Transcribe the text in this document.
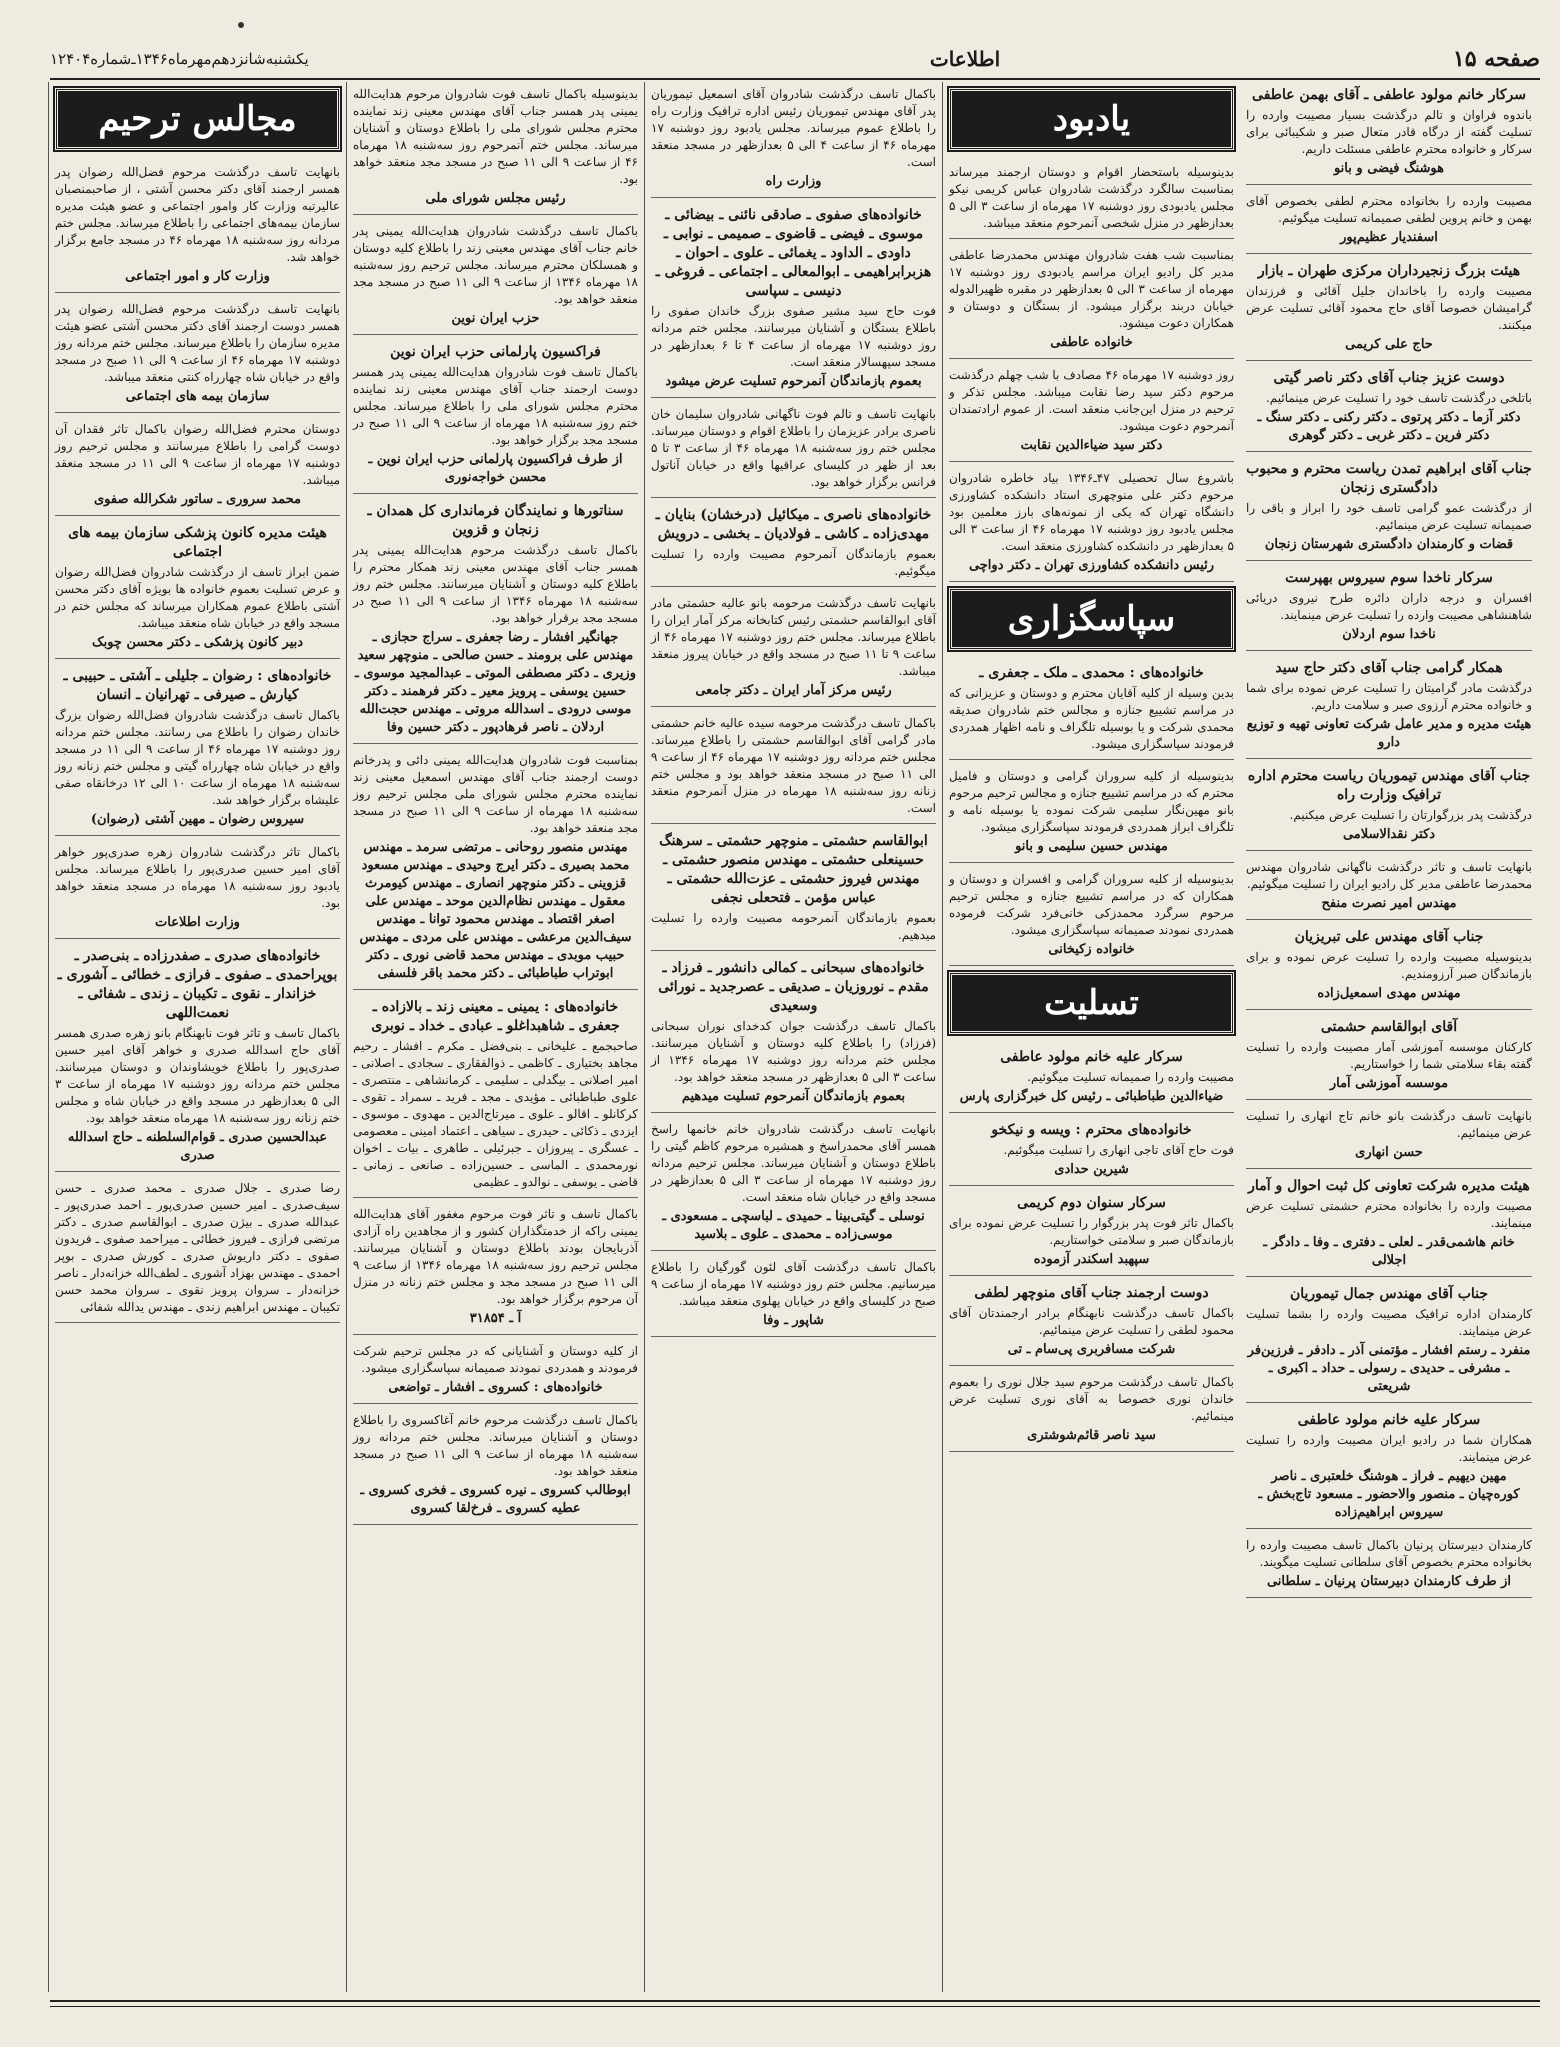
صفحه ۱۵
اطلاعات
یکشنبه‌شانزدهم‌مهرماه۱۳۴۶ـ‌شماره۱۲۴۰۴
مجالس ترحیم
بانهایت تاسف درگذشت مرحوم فضل‌الله رضوان پدر همسر ارجمند آقای دکتر محسن آشتی ، از صاحبمنصبان عالیرتبه وزارت کار وامور اجتماعی و عضو هیئت مدیره سازمان بیمه‌های اجتماعی را باطلاع میرساند. مجلس ختم مردانه روز سه‌شنبه ۱۸ مهرماه ۴۶ در مسجد جامع برگزار خواهد شد.
وزارت کار و امور اجتماعی
بانهایت تاسف درگذشت مرحوم فضل‌الله رضوان پدر همسر دوست ارجمند آقای دکتر محسن آشتی عضو هیئت مدیره سازمان را باطلاع میرساند. مجلس ختم مردانه روز دوشنبه ۱۷ مهرماه ۴۶ از ساعت ۹ الی ۱۱ صبح در مسجد واقع در خیابان شاه چهارراه کنتی منعقد میباشد.
سازمان بیمه های اجتماعی
دوستان محترم فضل‌الله رضوان باکمال تاثر فقدان آن دوست گرامی را باطلاع میرسانند و مجلس ترحیم روز دوشنبه ۱۷ مهرماه از ساعت ۹ الی ۱۱ در مسجد منعقد میباشد.
محمد سروری ـ ساتور شکرالله صفوی
هیئت مدیره کانون پزشکی سازمان بیمه های اجتماعی
ضمن ابراز تاسف از درگذشت شادروان فضل‌الله رضوان و عرض تسلیت بعموم خانواده ها بویژه آقای دکتر محسن آشتی باطلاع عموم همکاران میرساند که مجلس ختم در مسجد واقع در خیابان شاه منعقد میباشد.
دبیر کانون پزشکی ـ دکتر محسن چوبک
خانواده‌های : رضوان ـ جلیلی ـ آشتی ـ حبیبی ـ کیارش ـ صیرفی ـ تهرانیان ـ انسان
باکمال تاسف درگذشت شادروان فضل‌الله رضوان بزرگ خاندان رضوان را باطلاع می رسانند. مجلس ختم مردانه روز دوشنبه ۱۷ مهرماه ۴۶ از ساعت ۹ الی ۱۱ در مسجد واقع در خیابان شاه چهارراه گیتی و مجلس ختم زنانه روز سه‌شنبه ۱۸ مهرماه از ساعت ۱۰ الی ۱۲ درخانقاه صفی علیشاه برگزار خواهد شد.
سیروس رضوان ـ مهین آشتی (رضوان)
باکمال تاثر درگذشت شادروان زهره صدری‌پور خواهر آقای امیر حسین صدری‌پور را باطلاع میرساند. مجلس یادبود روز سه‌شنبه ۱۸ مهرماه در مسجد منعقد خواهد بود.
وزارت اطلاعات
خانواده‌های صدری ـ صفدرزاده ـ بنی‌صدر ـ بوپراحمدی ـ صفوی ـ فرازی ـ خطائی ـ آشوری ـ خزاندار ـ نقوی ـ تکیبان ـ زندی ـ شفائی ـ نعمت‌اللهی
باکمال تاسف و تاثر فوت نابهنگام بانو زهره صدری همسر آقای حاج اسدالله صدری و خواهر آقای امیر حسین صدری‌پور را باطلاع خویشاوندان و دوستان میرسانند. مجلس ختم مردانه روز دوشنبه ۱۷ مهرماه از ساعت ۳ الی ۵ بعدازظهر در مسجد واقع در خیابان شاه و مجلس ختم زنانه روز سه‌شنبه ۱۸ مهرماه منعقد خواهد بود.
عبدالحسین صدری ـ قوام‌السلطنه ـ حاج اسدالله صدری
رضا صدری ـ جلال صدری ـ محمد صدری ـ حسن سیف‌صدری ـ امیر حسین صدری‌پور ـ احمد صدری‌پور ـ عبدالله صدری ـ بیژن صدری ـ ابوالقاسم صدری ـ دکتر مرتضی فرازی ـ فیروز خطائی ـ میراحمد صفوی ـ فریدون صفوی ـ دکتر داریوش صدری ـ کورش صدری ـ بوپر احمدی ـ مهندس بهزاد آشوری ـ لطف‌الله خزانه‌دار ـ ناصر خزانه‌دار ـ سروان پرویز نقوی ـ سروان محمد حسن تکیبان ـ مهندس ابراهیم زندی ـ مهندس یدالله شفائی
بدینوسیله باکمال تاسف فوت شادروان مرحوم هدایت‌الله یمینی پدر همسر جناب آقای مهندس معینی زند نماینده محترم مجلس شورای ملی را باطلاع دوستان و آشنایان میرساند. مجلس ختم آنمرحوم روز سه‌شنبه ۱۸ مهرماه ۴۶ از ساعت ۹ الی ۱۱ صبح در مسجد مجد منعقد خواهد بود.
رئیس مجلس شورای ملی
باکمال تاسف درگذشت شادروان هدایت‌الله یمینی پدر خانم جناب آقای مهندس معینی زند را باطلاع کلیه دوستان و همسلکان محترم میرساند. مجلس ترحیم روز سه‌شنبه ۱۸ مهرماه ۱۳۴۶ از ساعت ۹ الی ۱۱ صبح در مسجد مجد منعقد خواهد بود.
حزب ایران نوین
فراکسیون پارلمانی حزب ایران نوین
باکمال تاسف فوت شادروان هدایت‌الله یمینی پدر همسر دوست ارجمند جناب آقای مهندس معینی زند نماینده محترم مجلس شورای ملی را باطلاع میرساند. مجلس ختم روز سه‌شنبه ۱۸ مهرماه از ساعت ۹ الی ۱۱ صبح در مسجد مجد برگزار خواهد بود.
از طرف فراکسیون پارلمانی حزب ایران نوین ـ محسن خواجه‌نوری
سناتورها و نمایندگان فرمانداری کل همدان ـ زنجان و قزوین
باکمال تاسف درگذشت مرحوم هدایت‌الله یمینی پدر همسر جناب آقای مهندس معینی زند همکار محترم را باطلاع کلیه دوستان و آشنایان میرسانند. مجلس ختم روز سه‌شنبه ۱۸ مهرماه ۱۳۴۶ از ساعت ۹ الی ۱۱ صبح در مسجد مجد برقرار خواهد بود.
جهانگیر افشار ـ رضا جعفری ـ سراج حجازی ـ مهندس علی برومند ـ حسن صالحی ـ منوچهر سعید وزیری ـ دکتر مصطفی الموتی ـ عبدالمجید موسوی ـ حسین یوسفی ـ پرویز معیر ـ دکتر فرهمند ـ دکتر موسی درودی ـ اسدالله مروتی ـ مهندس حجت‌الله اردلان ـ ناصر فرهادپور ـ دکتر حسین وفا
بمناسبت فوت شادروان هدایت‌الله یمینی دائی و پدرخانم دوست ارجمند جناب آقای مهندس اسمعیل معینی زند نماینده محترم مجلس شورای ملی مجلس ترحیم روز سه‌شنبه ۱۸ مهرماه از ساعت ۹ الی ۱۱ صبح در مسجد مجد منعقد خواهد بود.
مهندس منصور روحانی ـ مرتضی سرمد ـ مهندس محمد بصیری ـ دکتر ایرج وحیدی ـ مهندس مسعود قزوینی ـ دکتر منوچهر انصاری ـ مهندس کیومرث معقول ـ مهندس نظام‌الدین موحد ـ مهندس علی اصغر اقتصاد ـ مهندس محمود توانا ـ مهندس سیف‌الدین مرعشی ـ مهندس علی مردی ـ مهندس حبیب موبدی ـ مهندس محمد قاضی نوری ـ دکتر ابوتراب طباطبائی ـ دکتر محمد باقر فلسفی
خانواده‌های : یمینی ـ معینی زند ـ بالازاده ـ جعفری ـ شاهبداغلو ـ عبادی ـ خداد ـ نوبری
صاحبجمع ـ علیخانی ـ بنی‌فضل ـ مکرم ـ افشار ـ رحیم مجاهد بختیاری ـ کاظمی ـ ذوالفقاری ـ سجادی ـ اصلانی ـ امیر اصلانی ـ بیگدلی ـ سلیمی ـ کرمانشاهی ـ منتصری ـ علوی طباطبائی ـ مؤیدی ـ مجد ـ فرید ـ سمراد ـ تقوی ـ کرکانلو ـ اقالو ـ علوی ـ میرتاج‌الدین ـ مهدوی ـ موسوی ـ ایزدی ـ ذکائی ـ حیدری ـ سیاهی ـ اعتماد امینی ـ معصومی ـ عسگری ـ پیروزان ـ جبرئیلی ـ طاهری ـ بیات ـ اخوان نورمحمدی ـ الماسی ـ حسین‌زاده ـ صانعی ـ زمانی ـ قاضی ـ یوسفی ـ نوالدو ـ عظیمی
باکمال تاسف و تاثر فوت مرحوم مغفور آقای هدایت‌الله یمینی راکه از خدمتگذاران کشور و از مجاهدین راه آزادی آذربایجان بودند باطلاع دوستان و آشنایان میرسانند. مجلس ترحیم روز سه‌شنبه ۱۸ مهرماه ۱۳۴۶ از ساعت ۹ الی ۱۱ صبح در مسجد مجد و مجلس ختم زنانه در منزل آن مرحوم برگزار خواهد بود.
آ ـ ۳۱۸۵۴
از کلیه دوستان و آشنایانی که در مجلس ترحیم شرکت فرمودند و همدردی نمودند صمیمانه سپاسگزاری میشود.
خانواده‌های : کسروی ـ افشار ـ تواضعی
باکمال تاسف درگذشت مرحوم خانم آغاکسروی را باطلاع دوستان و آشنایان میرساند. مجلس ختم مردانه روز سه‌شنبه ۱۸ مهرماه از ساعت ۹ الی ۱۱ صبح در مسجد منعقد خواهد بود.
ابوطالب کسروی ـ نیره کسروی ـ فخری کسروی ـ عطیه کسروی ـ فرخ‌لقا کسروی
باکمال تاسف درگذشت شادروان آقای اسمعیل تیموریان پدر آقای مهندس تیموریان رئیس اداره ترافیک وزارت راه را باطلاع عموم میرساند. مجلس یادبود روز دوشنبه ۱۷ مهرماه ۴۶ از ساعت ۴ الی ۵ بعدازظهر در مسجد منعقد است.
وزارت راه
خانواده‌های صفوی ـ صادقی نائنی ـ بیضائی ـ موسوی ـ فیضی ـ قاضوی ـ صمیمی ـ نوابی ـ داودی ـ الداود ـ یغمائی ـ علوی ـ احوان ـ هزبرابراهیمی ـ ابوالمعالی ـ اجتماعی ـ فروغی ـ دنیسی ـ سپاسی
فوت حاج سید مشیر صفوی بزرگ خاندان صفوی را باطلاع بستگان و آشنایان میرسانند. مجلس ختم مردانه روز دوشنبه ۱۷ مهرماه از ساعت ۴ تا ۶ بعدازظهر در مسجد سپهسالار منعقد است.
بعموم بازماندگان آنمرحوم تسلیت عرض میشود
بانهایت تاسف و تالم فوت ناگهانی شادروان سلیمان خان ناصری برادر عزیزمان را باطلاع اقوام و دوستان میرساند. مجلس ختم روز سه‌شنبه ۱۸ مهرماه ۴۶ از ساعت ۳ تا ۵ بعد از ظهر در کلیسای عراقیها واقع در خیابان آناتول فرانس برگزار خواهد بود.
خانواده‌های ناصری ـ میکائیل (درخشان) بنایان ـ مهدی‌زاده ـ کاشی ـ فولادیان ـ بخشی ـ درویش
بعموم بازماندگان آنمرحوم مصیبت وارده را تسلیت میگوئیم.
بانهایت تاسف درگذشت مرحومه بانو عالیه حشمتی مادر آقای ابوالقاسم حشمتی رئیس کتابخانه مرکز آمار ایران را باطلاع میرساند. مجلس ختم روز دوشنبه ۱۷ مهرماه ۴۶ از ساعت ۹ تا ۱۱ صبح در مسجد واقع در خیابان پیروز منعقد میباشد.
رئیس مرکز آمار ایران ـ دکتر جامعی
باکمال تاسف درگذشت مرحومه سیده عالیه خانم حشمتی مادر گرامی آقای ابوالقاسم حشمتی را باطلاع میرساند. مجلس ختم مردانه روز دوشنبه ۱۷ مهرماه ۴۶ از ساعت ۹ الی ۱۱ صبح در مسجد منعقد خواهد بود و مجلس ختم زنانه روز سه‌شنبه ۱۸ مهرماه در منزل آنمرحوم منعقد است.
ابوالقاسم حشمتی ـ منوچهر حشمتی ـ سرهنگ حسینعلی حشمتی ـ مهندس منصور حشمتی ـ مهندس فیروز حشمتی ـ عزت‌الله حشمتی ـ عباس مؤمن ـ فتحعلی نجفی
بعموم بازماندگان آنمرحومه مصیبت وارده را تسلیت میدهیم.
خانواده‌های سبحانی ـ کمالی دانشور ـ فرزاد ـ مقدم ـ نوروزیان ـ صدیقی ـ عصرجدید ـ نورائی وسعیدی
باکمال تاسف درگذشت جوان کدخدای نوران سبحانی (فرزاد) را باطلاع کلیه دوستان و آشنایان میرسانند. مجلس ختم مردانه روز دوشنبه ۱۷ مهرماه ۱۳۴۶ از ساعت ۳ الی ۵ بعدازظهر در مسجد منعقد خواهد بود.
بعموم بازماندگان آنمرحوم تسلیت میدهیم
بانهایت تاسف درگذشت شادروان خانم خانمها راسخ همسر آقای محمدراسخ و همشیره مرحوم کاظم گیتی را باطلاع دوستان و آشنایان میرساند. مجلس ترحیم مردانه روز دوشنبه ۱۷ مهرماه از ساعت ۳ الی ۵ بعدازظهر در مسجد واقع در خیابان شاه منعقد است.
نوسلی ـ گیتی‌بینا ـ حمیدی ـ لباسچی ـ مسعودی ـ موسی‌زاده ـ محمدی ـ علوی ـ بلاسید
باکمال تاسف درگذشت آقای لئون گورگیان را باطلاع میرسانیم. مجلس ختم روز دوشنبه ۱۷ مهرماه از ساعت ۹ صبح در کلیسای واقع در خیابان پهلوی منعقد میباشد.
شاپور ـ وفا
یادبود
بدینوسیله باستحضار اقوام و دوستان ارجمند میرساند بمناسبت سالگرد درگذشت شادروان عباس کریمی نیکو مجلس یادبودی روز دوشنبه ۱۷ مهرماه از ساعت ۳ الی ۵ بعدازظهر در منزل شخصی آنمرحوم منعقد میباشد.
بمناسبت شب هفت شادروان مهندس محمدرضا عاطفی مدیر کل رادیو ایران مراسم یادبودی روز دوشنبه ۱۷ مهرماه از ساعت ۳ الی ۵ بعدازظهر در مقبره ظهیرالدوله خیابان دربند برگزار میشود. از بستگان و دوستان و همکاران دعوت میشود.
خانواده عاطفی
روز دوشنبه ۱۷ مهرماه ۴۶ مصادف با شب چهلم درگذشت مرحوم دکتر سید رضا نقابت میباشد. مجلس تذکر و ترحیم در منزل این‌جانب منعقد است. از عموم ارادتمندان آنمرحوم دعوت میشود.
دکتر سید ضیاءالدین نقابت
باشروع سال تحصیلی ۴۷ـ۱۳۴۶ بیاد خاطره شادروان مرحوم دکتر علی منوچهری استاد دانشکده کشاورزی دانشگاه تهران که یکی از نمونه‌های بارز معلمین بود مجلس یادبود روز دوشنبه ۱۷ مهرماه ۴۶ از ساعت ۳ الی ۵ بعدازظهر در دانشکده کشاورزی منعقد است.
رئیس دانشکده کشاورزی تهران ـ دکتر دواچی
سپاسگزاری
خانواده‌های : محمدی ـ ملک ـ جعفری ـ
بدین وسیله از کلیه آقایان محترم و دوستان و عزیزانی که در مراسم تشییع جنازه و مجالس ختم شادروان صدیقه محمدی شرکت و یا بوسیله تلگراف و نامه اظهار همدردی فرمودند سپاسگزاری میشود.
بدینوسیله از کلیه سروران گرامی و دوستان و فامیل محترم که در مراسم تشییع جنازه و مجالس ترحیم مرحوم بانو مهین‌نگار سلیمی شرکت نموده یا بوسیله نامه و تلگراف ابراز همدردی فرمودند سپاسگزاری میشود.
مهندس حسین سلیمی و بانو
بدینوسیله از کلیه سروران گرامی و افسران و دوستان و همکاران که در مراسم تشییع جنازه و مجلس ترحیم مرحوم سرگرد محمدزکی خانی‌فرد شرکت فرموده همدردی نمودند صمیمانه سپاسگزاری میشود.
خانواده زکیخانی
تسلیت
سرکار علیه خانم مولود عاطفی
مصیبت وارده را صمیمانه تسلیت میگوئیم.
ضیاءالدین طباطبائی ـ رئیس کل خبرگزاری پارس
خانواده‌های محترم : ویسه و نیکخو
فوت حاج آقای تاجی انهاری را تسلیت میگوئیم.
شیرین حدادی
سرکار سنوان دوم کریمی
باکمال تاثر فوت پدر بزرگوار را تسلیت عرض نموده برای بازماندگان صبر و سلامتی خواستاریم.
سپهبد اسکندر آزموده
دوست ارجمند جناب آقای منوچهر لطفی
باکمال تاسف درگذشت نابهنگام برادر ارجمندتان آقای محمود لطفی را تسلیت عرض مینمائیم.
شرکت مسافربری پی‌سام ـ تی
باکمال تاسف درگذشت مرحوم سید جلال نوری را بعموم خاندان نوری خصوصا به آقای نوری تسلیت عرض مینمائیم.
سید ناصر قائم‌شوشتری
سرکار خانم مولود عاطفی ـ آقای بهمن عاطفی
باندوه فراوان و تالم درگذشت بسیار مصیبت وارده را تسلیت گفته از درگاه قادر متعال صبر و شکیبائی برای سرکار و خانواده محترم عاطفی مسئلت داریم.
هوشنگ فیضی و بانو
مصیبت وارده را بخانواده محترم لطفی بخصوص آقای بهمن و خانم پروین لطفی صمیمانه تسلیت میگوئیم.
اسفندیار عظیم‌پور
هیئت بزرگ زنجیرداران مرکزی طهران ـ بازار
مصیبت وارده را باخاندان جلیل آقائی و فرزندان گرامیشان خصوصا آقای حاج محمود آقائی تسلیت عرض میکنند.
حاج علی کریمی
دوست عزیز جناب آقای دکتر ناصر گیتی
باتلخی درگذشت تاسف خود را تسلیت عرض مینمائیم.
دکتر آزما ـ دکتر پرتوی ـ دکتر رکنی ـ دکتر سنگ ـ دکتر فرین ـ دکتر غربی ـ دکتر گوهری
جناب آقای ابراهیم تمدن ریاست محترم و محبوب دادگستری زنجان
از درگذشت عمو گرامی تاسف خود را ابراز و باقی را صمیمانه تسلیت عرض مینمائیم.
قضات و کارمندان دادگستری شهرستان زنجان
سرکار ناخدا سوم سیروس بهپرست
افسران و درجه داران دائره طرح نیروی دریائی شاهنشاهی مصیبت وارده را تسلیت عرض مینمایند.
ناخدا سوم اردلان
همکار گرامی جناب آقای دکتر حاج سید
درگذشت مادر گرامیتان را تسلیت عرض نموده برای شما و خانواده محترم آرزوی صبر و سلامت داریم.
هیئت مدیره و مدیر عامل شرکت تعاونی تهیه و توزیع دارو
جناب آقای مهندس تیموریان ریاست محترم اداره ترافیک وزارت راه
درگذشت پدر بزرگوارتان را تسلیت عرض میکنیم.
دکتر نقدالاسلامی
بانهایت تاسف و تاثر درگذشت ناگهانی شادروان مهندس محمدرضا عاطفی مدیر کل رادیو ایران را تسلیت میگوئیم.
مهندس امیر نصرت منفح
جناب آقای مهندس علی تبریزیان
بدینوسیله مصیبت وارده را تسلیت عرض نموده و برای بازماندگان صبر آرزومندیم.
مهندس مهدی اسمعیل‌زاده
آقای ابوالقاسم حشمتی
کارکنان موسسه آموزشی آمار مصیبت وارده را تسلیت گفته بقاء سلامتی شما را خواستاریم.
موسسه آموزشی آمار
بانهایت تاسف درگذشت بانو خانم تاج انهاری را تسلیت عرض مینمائیم.
حسن انهاری
هیئت مدیره شرکت تعاونی کل ثبت احوال و آمار
مصیبت وارده را بخانواده محترم حشمتی تسلیت عرض مینمایند.
خانم هاشمی‌قدر ـ لعلی ـ دفتری ـ وفا ـ دادگر ـ اجلالی
جناب آقای مهندس جمال تیموریان
کارمندان اداره ترافیک مصیبت وارده را بشما تسلیت عرض مینمایند.
منفرد ـ رستم افشار ـ مؤتمنی آذر ـ دادفر ـ فرزین‌فر ـ مشرفی ـ حدیدی ـ رسولی ـ حداد ـ اکبری ـ شریعتی
سرکار علیه خانم مولود عاطفی
همکاران شما در رادیو ایران مصیبت وارده را تسلیت عرض مینمایند.
مهین دیهیم ـ فراز ـ هوشنگ خلعتبری ـ ناصر کوره‌چیان ـ منصور والاحضور ـ مسعود تاج‌بخش ـ سیروس ابراهیم‌زاده
کارمندان دبیرستان پرنیان باکمال تاسف مصیبت وارده را بخانواده محترم بخصوص آقای سلطانی تسلیت میگویند.
از طرف کارمندان دبیرستان پرنیان ـ سلطانی
